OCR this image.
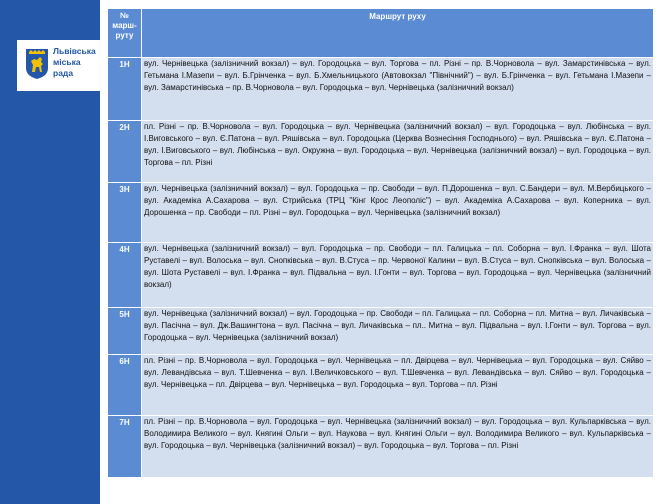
Львівська
міська
рада
№ марш-руту	Маршрут руху
1Н	вул. Чернівецька (залізничний вокзал) – вул. Городоцька – вул. Торгова – пл. Різні – пр. В.Чорновола – вул. Замарстинівська – вул. Гетьмана І.Мазепи – вул. Б.Грінченка – вул. Б.Хмельницького (Автовокзал "Північний") – вул. Б.Грінченка – вул. Гетьмана І.Мазепи – вул. Замарстинівська – пр. В.Чорновола – вул. Городоцька – вул. Чернівецька (залізничний вокзал)
2Н	пл. Різні – пр. В.Чорновола – вул. Городоцька – вул. Чернівецька (залізничний вокзал) – вул. Городоцька – вул. Любінська – вул. І.Виговського – вул. Є.Патона – вул. Ряшівська – вул. Городоцька (Церква Вознесіння Господнього) – вул. Ряшівська – вул. Є.Патона – вул. І.Виговського – вул. Любінська – вул. Окружна – вул. Городоцька – вул. Чернівецька (залізничний вокзал) – вул. Городоцька – вул. Торгова – пл. Різні
3Н	вул. Чернівецька (залізничний вокзал) – вул. Городоцька – пр. Свободи – вул. П.Дорошенка – вул. С.Бандери – вул. М.Вербицького – вул. Академіка А.Сахарова – вул. Стрийська (ТРЦ "Кінг Крос Леополіс") – вул. Академіка А.Сахарова – вул. Коперника – вул. Дорошенка – пр. Свободи – пл. Різні – вул. Городоцька – вул. Чернівецька (залізничний вокзал)
4Н	вул. Чернівецька (залізничний вокзал) – вул. Городоцька – пр. Свободи – пл. Галицька – пл. Соборна – вул. І.Франка – вул. Шота Руставелі – вул. Волоська – вул. Снопківська – вул. В.Стуса – пр. Червоної Калини – вул. В.Стуса – вул. Снопківська – вул. Волоська – вул. Шота Руставелі – вул. І.Франка – вул. Підвальна – вул. І.Гонти – вул. Торгова – вул. Городоцька – вул. Чернівецька (залізничний вокзал)
5Н	вул. Чернівецька (залізничний вокзал) – вул. Городоцька – пр. Свободи – пл. Галицька – пл. Соборна – пл. Митна – вул. Личаківська – вул. Пасічна – вул. Дж.Вашингтона – вул. Пасічна – вул. Личаківська – пл.. Митна – вул. Підвальна – вул. І.Гонти – вул. Торгова – вул. Городоцька – вул. Чернівецька (залізничний вокзал)
6Н	пл. Різні – пр. В.Чорновола – вул. Городоцька – вул. Чернівецька – пл. Двірцева – вул. Чернівецька – вул. Городоцька – вул. Сяйво – вул. Левандівська – вул. Т.Шевченка – вул. І.Величковського – вул. Т.Шевченка – вул. Левандівська – вул. Сяйво – вул. Городоцька – вул. Чернівецька – пл. Двірцева – вул. Чернівецька – вул. Городоцька – вул. Торгова – пл. Різні
7Н	пл. Різні – пр. В.Чорновола – вул. Городоцька – вул. Чернівецька (залізничний вокзал) – вул. Городоцька – вул. Кульпарківська – вул. Володимира Великого – вул. Княгині Ольги – вул. Наукова – вул. Княгині Ольги – вул. Володимира Великого – вул. Кульпарківська – вул. Городоцька – вул. Чернівецька (залізничний вокзал) – вул. Городоцька – вул. Торгова – пл. Різні
